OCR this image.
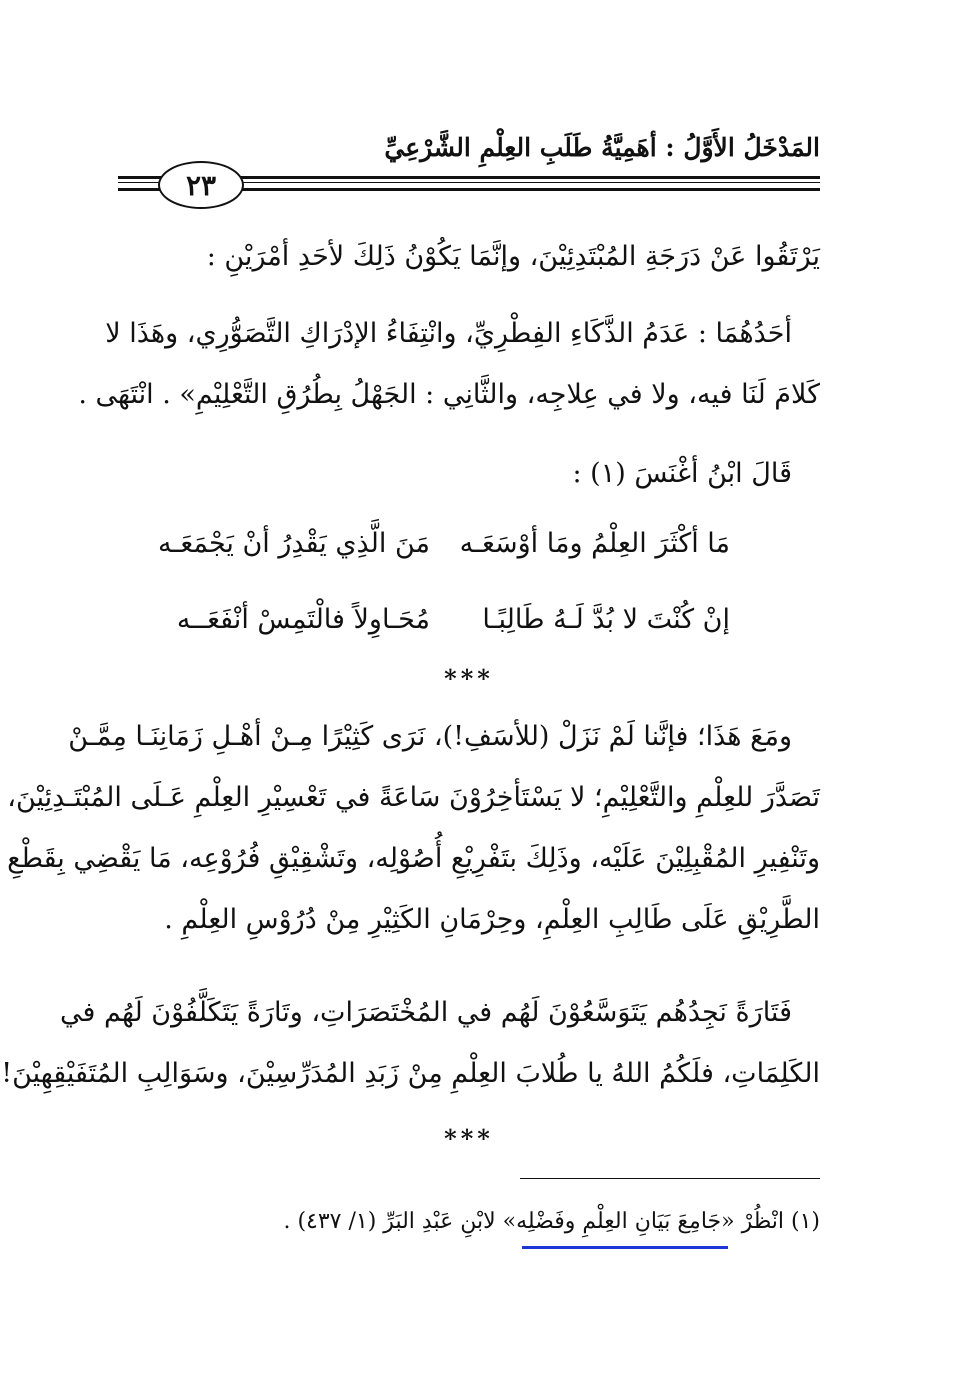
المَدْخَلُ الأَوَّلُ : أهَمِيَّةُ طَلَبِ العِلْمِ الشَّرْعِيِّ
٢٣
يَرْتَقُوا عَنْ دَرَجَةِ المُبْتَدِئِيْنَ، وإنَّمَا يَكُوْنُ ذَلِكَ لأحَدِ أمْرَيْنِ :
أحَدُهُمَا : عَدَمُ الذَّكَاءِ الفِطْرِيِّ، وانْتِفَاءُ الإدْرَاكِ التَّصَوُّرِي، وهَذَا لا
كَلامَ لَنَا فيه، ولا في عِلاجِه، والثَّانِي : الجَهْلُ بِطُرُقِ التَّعْلِيْمِ» . انْتَهَى .
قَالَ ابْنُ أغْنَسَ (١) :
مَا أكْثَرَ العِلْمُ ومَا أوْسَعَـه
مَنَ الَّذِي يَقْدِرُ أنْ يَجْمَعَـه
إنْ كُنْتَ لا بُدَّ لَـهُ طَالِبًـا
مُحَـاوِلاً فالْتَمِسْ أنْفَعَــه
***
ومَعَ هَذَا؛ فإنَّنا لَمْ نَزَلْ (للأسَفِ!)، نَرَى كَثِيْرًا مِـنْ أهْـلِ زَمَانِنَـا مِمَّـنْ
تَصَدَّرَ للعِلْمِ والتَّعْلِيْمِ؛ لا يَسْتَأخِرُوْنَ سَاعَةً في تَعْسِيْرِ العِلْمِ عَـلَى المُبْتَـدِئِيْنَ،
وتَنْفِيرِ المُقْبِلِيْنَ عَلَيْه، وذَلِكَ بتَفْرِيْعِ أُصُوْلِه، وتَشْقِيْقِ فُرُوْعِه، مَا يَقْضِي بِقَطْعِ
الطَّرِيْقِ عَلَى طَالِبِ العِلْمِ، وحِرْمَانِ الكَثِيْرِ مِنْ دُرُوْسِ العِلْمِ .
فَتَارَةً نَجِدُهُم يَتَوَسَّعُوْنَ لَهُم في المُخْتَصَرَاتِ، وتَارَةً يَتَكَلَّفُوْنَ لَهُم في
الكَلِمَاتِ، فلَكُمُ اللهُ يا طُلابَ العِلْمِ مِنْ زَبَدِ المُدَرِّسِيْنَ، وسَوَالِبِ المُتَفَيْقِهِيْنَ!
***
(١) انْظُرْ «جَامِعَ بَيَانِ العِلْمِ وفَضْلِه» لابْنِ عَبْدِ البَرِّ (١/ ٤٣٧) .
